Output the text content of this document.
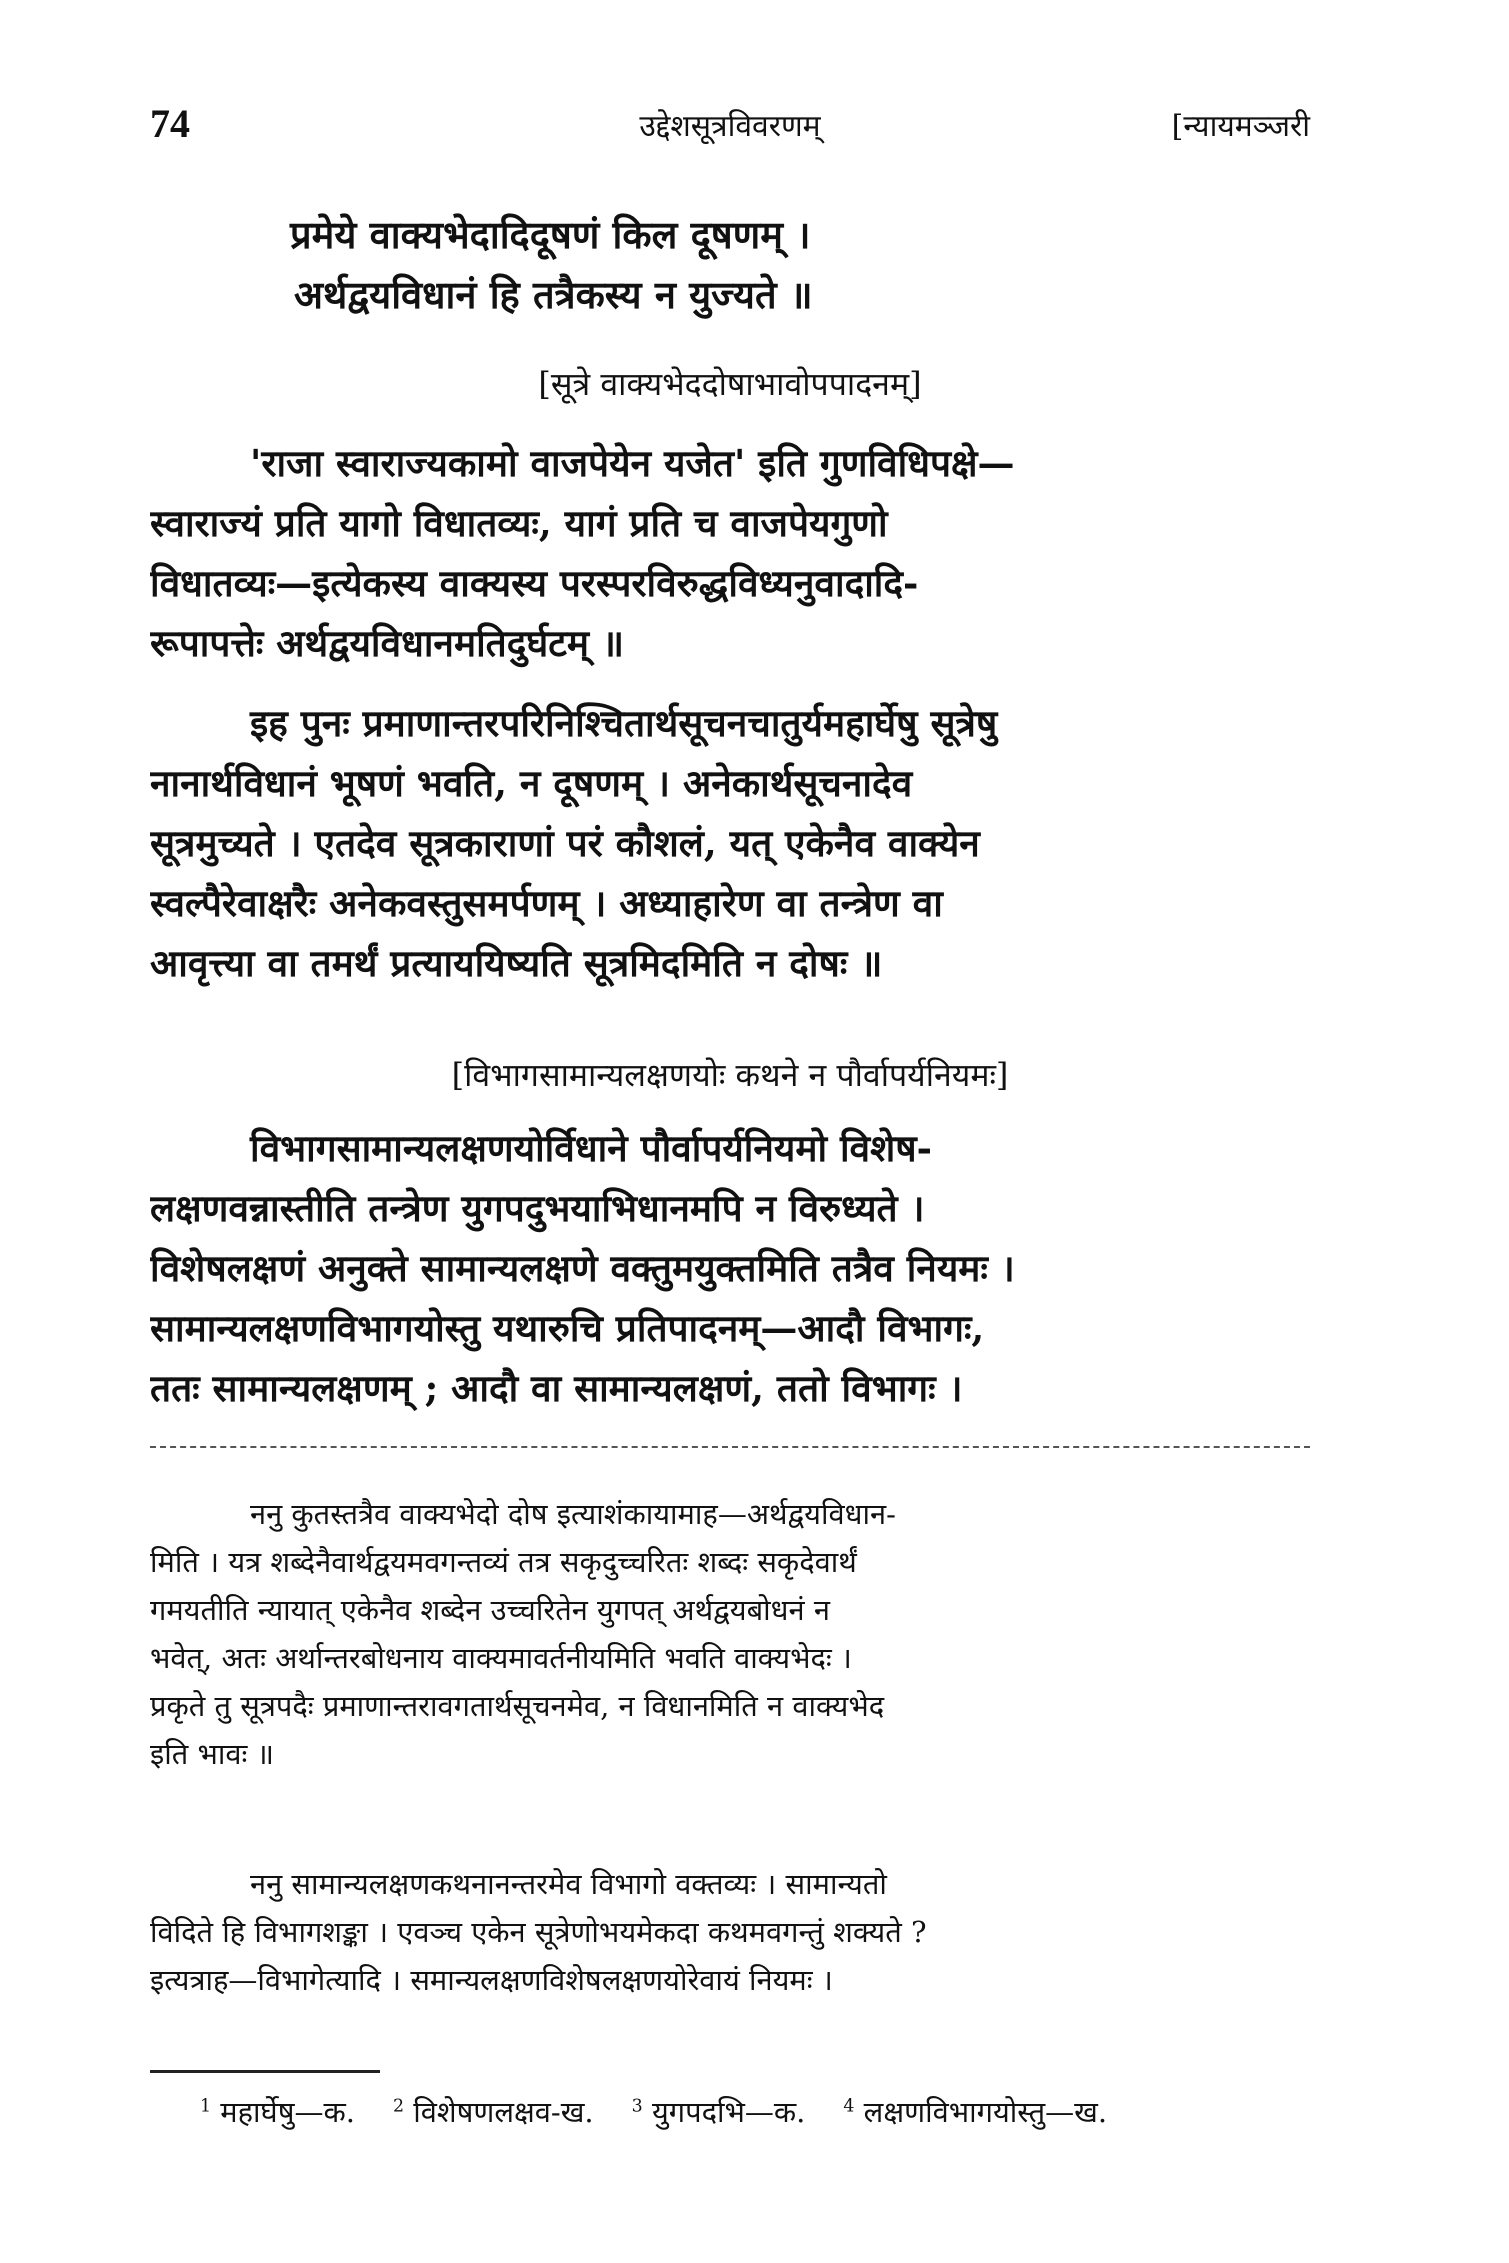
74	उद्देशसूत्रविवरणम्	[न्यायमञ्जरी
प्रमेये वाक्यभेदादिदूषणं किल दूषणम् ।
अर्थद्वयविधानं हि तत्रैकस्य न युज्यते ॥
[सूत्रे वाक्यभेददोषाभावोपपादनम्]
'राजा स्वाराज्यकामो वाजपेयेन यजेत' इति गुणविधिपक्षे—
स्वाराज्यं प्रति यागो विधातव्यः, यागं प्रति च वाजपेयगुणो
विधातव्यः—इत्येकस्य वाक्यस्य परस्परविरुद्धविध्यनुवादादि-
रूपापत्तेः अर्थद्वयविधानमतिदुर्घटम् ॥
इह पुनः प्रमाणान्तरपरिनिश्चितार्थसूचनचातुर्यमहार्घेषु सूत्रेषु
नानार्थविधानं भूषणं भवति, न दूषणम् । अनेकार्थसूचनादेव
सूत्रमुच्यते । एतदेव सूत्रकाराणां परं कौशलं, यत् एकेनैव वाक्येन
स्वल्पैरेवाक्षरैः अनेकवस्तुसमर्पणम् । अध्याहारेण वा तन्त्रेण वा
आवृत्त्या वा तमर्थं प्रत्याययिष्यति सूत्रमिदमिति न दोषः ॥
[विभागसामान्यलक्षणयोः कथने न पौर्वापर्यनियमः]
विभागसामान्यलक्षणयोर्विधाने पौर्वापर्यनियमो विशेष-
लक्षणवन्नास्तीति तन्त्रेण युगपदुभयाभिधानमपि न विरुध्यते ।
विशेषलक्षणं अनुक्ते सामान्यलक्षणे वक्तुमयुक्तमिति तत्रैव नियमः ।
सामान्यलक्षणविभागयोस्तु यथारुचि प्रतिपादनम्—आदौ विभागः,
ततः सामान्यलक्षणम् ; आदौ वा सामान्यलक्षणं, ततो विभागः ।
ननु कुतस्तत्रैव वाक्यभेदो दोष इत्याशंकायामाह—अर्थद्वयविधान-
मिति । यत्र शब्देनैवार्थद्वयमवगन्तव्यं तत्र सकृदुच्चरितः शब्दः सकृदेवार्थं
गमयतीति न्यायात् एकेनैव शब्देन उच्चरितेन युगपत् अर्थद्वयबोधनं न
भवेत्, अतः अर्थान्तरबोधनाय वाक्यमावर्तनीयमिति भवति वाक्यभेदः ।
प्रकृते तु सूत्रपदैः प्रमाणान्तरावगतार्थसूचनमेव, न विधानमिति न वाक्यभेद
इति भावः ॥
ननु सामान्यलक्षणकथनानन्तरमेव विभागो वक्तव्यः । सामान्यतो
विदिते हि विभागशङ्का । एवञ्च एकेन सूत्रेणोभयमेकदा कथमवगन्तुं शक्यते ?
इत्यत्राह—विभागेत्यादि । समान्यलक्षणविशेषलक्षणयोरेवायं नियमः ।
$^1$ महार्घेषु—क. $^2$ विशेषणलक्षव-ख. $^3$ युगपदभि—क. $^4$ लक्षणविभागयोस्तु—ख.
